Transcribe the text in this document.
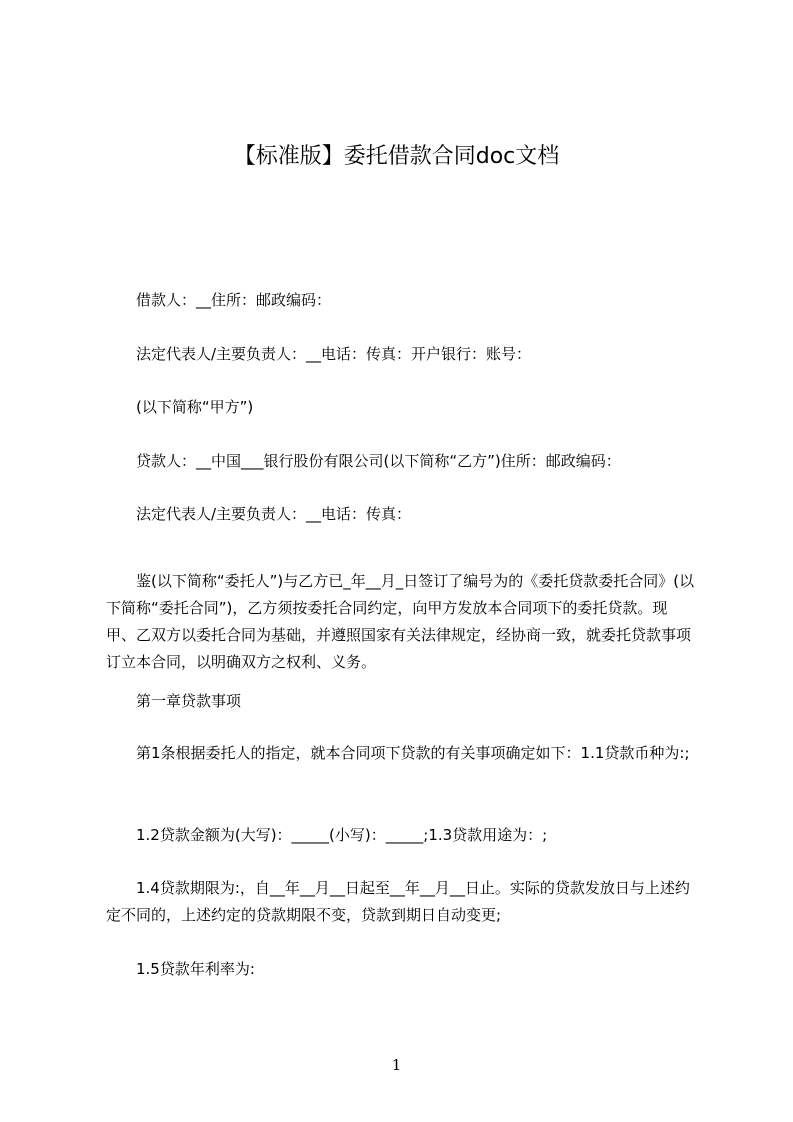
【标准版】委托借款合同doc文档
借款人：__住所：邮政编码：
法定代表人/主要负责人：__电话：传真：开户银行：账号：
(以下简称“甲方”)
贷款人：__中国___银行股份有限公司(以下简称“乙方”)住所：邮政编码：
法定代表人/主要负责人：__电话：传真：
鉴(以下简称“委托人”)与乙方已_年__月_日签订了编号为的《委托贷款委托合同》(以下简称“委托合同”)，乙方须按委托合同约定，向甲方发放本合同项下的委托贷款。现甲、乙双方以委托合同为基础，并遵照国家有关法律规定，经协商一致，就委托贷款事项订立本合同，以明确双方之权利、义务。
第一章贷款事项
第1条根据委托人的指定，就本合同项下贷款的有关事项确定如下：1.1贷款币种为:;
1.2贷款金额为(大写)：_____(小写)：_____;1.3贷款用途为：;
1.4贷款期限为:，自__年__月__日起至__年__月__日止。实际的贷款发放日与上述约定不同的，上述约定的贷款期限不变，贷款到期日自动变更;
1.5贷款年利率为:
1
